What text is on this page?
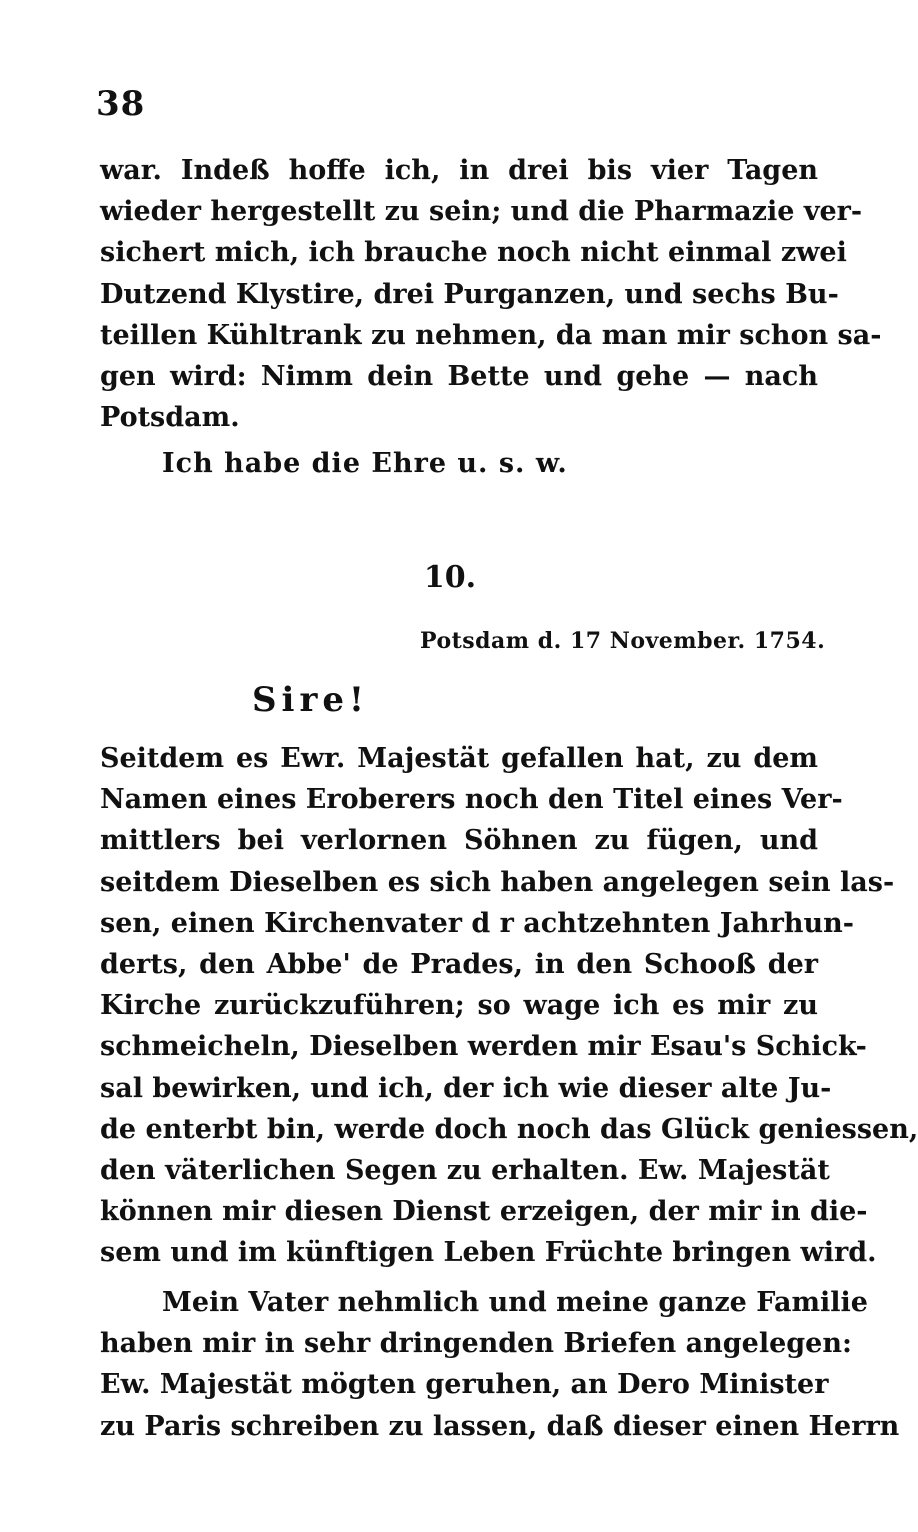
38
war. Indeß hoffe ich, in drei bis vier Tagen
wieder hergestellt zu sein; und die Pharmazie ver-
sichert mich, ich brauche noch nicht einmal zwei
Dutzend Klystire, drei Purganzen, und sechs Bu-
teillen Kühltrank zu nehmen, da man mir schon sa-
gen wird: Nimm dein Bette und gehe — nach
Potsdam.
Ich habe die Ehre u. s. w.
10.
Potsdam d. 17 November. 1754.
Sire!
Seitdem es Ewr. Majestät gefallen hat, zu dem
Namen eines Eroberers noch den Titel eines Ver-
mittlers bei verlornen Söhnen zu fügen, und
seitdem Dieselben es sich haben angelegen sein las-
sen, einen Kirchenvater d r achtzehnten Jahrhun-
derts, den Abbe' de Prades, in den Schooß der
Kirche zurückzuführen; so wage ich es mir zu
schmeicheln, Dieselben werden mir Esau's Schick-
sal bewirken, und ich, der ich wie dieser alte Ju-
de enterbt bin, werde doch noch das Glück geniessen,
den väterlichen Segen zu erhalten. Ew. Majestät
können mir diesen Dienst erzeigen, der mir in die-
sem und im künftigen Leben Früchte bringen wird.
Mein Vater nehmlich und meine ganze Familie
haben mir in sehr dringenden Briefen angelegen:
Ew. Majestät mögten geruhen, an Dero Minister
zu Paris schreiben zu lassen, daß dieser einen Herrn
